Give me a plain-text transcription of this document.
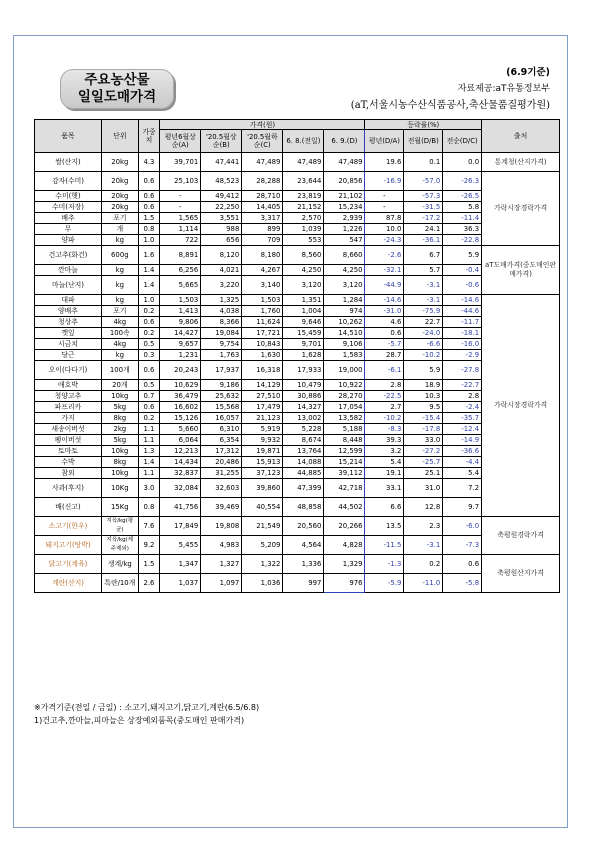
주요농산물
일일도매가격
(6.9기준)
자료제공:aT유통정보부
(aT,서울시농수산식품공사,축산물품질평가원)
품목	단위	가중치	가격(원)					등락률(%)			출처
			평년6월상순(A)	'20.5월상순(B)	'20.5월하순(C)	6. 8.(전일)	6. 9.(D)	평년(D/A)	전월(D/B)	전순(D/C)	
쌀(산지)	20kg	4.3	39,701	47,441	47,489	47,489	47,489	19.6	0.1	0.0	통계청(산지가격)
감자(수미)	20kg	0.6	25,103	48,523	28,288	23,644	20,856	-16.9	-57.0	-26.3	가락시장경락가격
수미(햇)	20kg	0.6	-	49,412	28,710	23,819	21,102	-	-57.3	-26.5	
수미(저장)	20kg	0.6	-	22,250	14,405	21,152	15,234	-	-31.5	5.8	
배추	포기	1.5	1,565	3,551	3,317	2,570	2,939	87.8	-17.2	-11.4	
무	개	0.8	1,114	988	899	1,039	1,226	10.0	24.1	36.3	
양파	kg	1.0	722	656	709	553	547	-24.3	-36.1	-22.8	
건고추(화건)	600g	1.6	8,891	8,120	8,180	8,560	8,660	-2.6	6.7	5.9	aT도매가격(중도매인판매가격)
깐마늘	kg	1.4	6,256	4,021	4,267	4,250	4,250	-32.1	5.7	-0.4	
마늘(난지)	kg	1.4	5,665	3,220	3,140	3,120	3,120	-44.9	-3.1	-0.6	
대파	kg	1.0	1,503	1,325	1,503	1,351	1,284	-14.6	-3.1	-14.6	가락시장경락가격
양배추	포기	0.2	1,413	4,038	1,760	1,004	974	-31.0	-75.9	-44.6	
청상추	4kg	0.6	9,806	8,366	11,624	9,646	10,262	4.6	22.7	-11.7	
깻잎	100속	0.2	14,427	19,084	17,721	15,459	14,510	0.6	-24.0	-18.1	
시금치	4kg	0.5	9,657	9,754	10,843	9,701	9,106	-5.7	-6.6	-16.0	
당근	kg	0.3	1,231	1,763	1,630	1,628	1,583	28.7	-10.2	-2.9	
오이(다다기)	100개	0.6	20,243	17,937	16,318	17,933	19,000	-6.1	5.9	-27.8	
애호박	20개	0.5	10,629	9,186	14,129	10,479	10,922	2.8	18.9	-22.7	
청양고추	10kg	0.7	36,479	25,632	27,510	30,886	28,270	-22.5	10.3	2.8	
파프리카	5kg	0.6	16,602	15,568	17,479	14,327	17,054	2.7	9.5	-2.4	
가지	8kg	0.2	15,126	16,057	21,123	13,002	13,582	-10.2	-15.4	-35.7	
새송이버섯	2kg	1.1	5,660	6,310	5,919	5,228	5,188	-8.3	-17.8	-12.4	
팽이버섯	5kg	1.1	6,064	6,354	9,932	8,674	8,448	39.3	33.0	-14.9	
토마토	10kg	1.3	12,213	17,312	19,871	13,764	12,599	3.2	-27.2	-36.6	
수박	8kg	1.4	14,434	20,486	15,913	14,088	15,214	5.4	-25.7	-4.4	
참외	10kg	1.1	32,837	31,255	37,123	44,885	39,112	19.1	25.1	5.4	
사과(후지)	10Kg	3.0	32,084	32,603	39,860	47,399	42,718	33.1	31.0	7.2	
배(신고)	15Kg	0.8	41,756	39,469	40,554	48,858	44,502	6.6	12.8	9.7	
소고기(한우)	지육/kg(평균)	7.6	17,849	19,808	21,549	20,560	20,266	13.5	2.3	-6.0	축평원경락가격
돼지고기(탕박)	지육/kg(제주제외)	9.2	5,455	4,983	5,209	4,564	4,828	-11.5	-3.1	-7.3	
닭고기(계육)	생계/kg	1.5	1,347	1,327	1,322	1,336	1,329	-1.3	0.2	0.6	축평원산지가격
계란(산지)	특란/10개	2.6	1,037	1,097	1,036	997	976	-5.9	-11.0	-5.8	
※가격기준(전일 / 금일) : 소고기,돼지고기,닭고기,계란(6.5/6.8)
1)건고추,깐마늘,피마늘은 상장예외품목(중도매인 판매가격)
